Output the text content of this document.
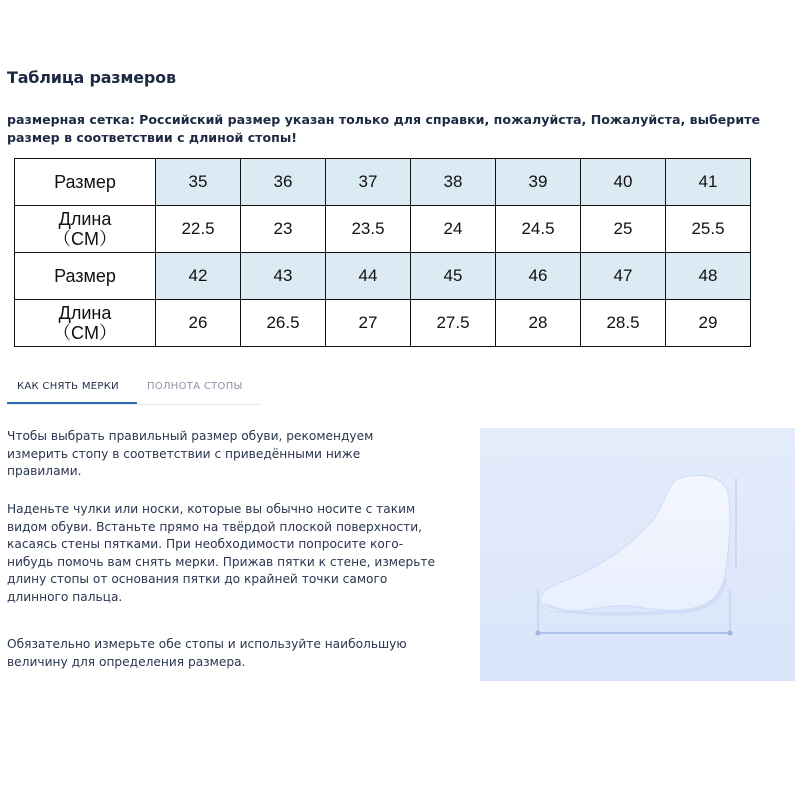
Таблица размеров
размерная сетка: Российский размер указан только для справки, пожалуйста, Пожалуйста, выберите размер в соответствии с длиной стопы!
Размер	35	36	37	38	39	40	41

Длина
（CM）	22.5	23	23.5	24	24.5	25	25.5
Размер	42	43	44	45	46	47	48

Длина
（CM）	26	26.5	27	27.5	28	28.5	29
КАК СНЯТЬ МЕРКИ	ПОЛНОТА СТОПЫ
Чтобы выбрать правильный размер обуви, рекомендуем измерить стопу в соответствии с приведёнными ниже правилами.
Наденьте чулки или носки, которые вы обычно носите с таким видом обуви. Встаньте прямо на твёрдой плоской поверхности, касаясь стены пятками. При необходимости попросите кого-нибудь помочь вам снять мерки. Прижав пятки к стене, измерьте длину стопы от основания пятки до крайней точки самого длинного пальца.
Обязательно измерьте обе стопы и используйте наибольшую величину для определения размера.
